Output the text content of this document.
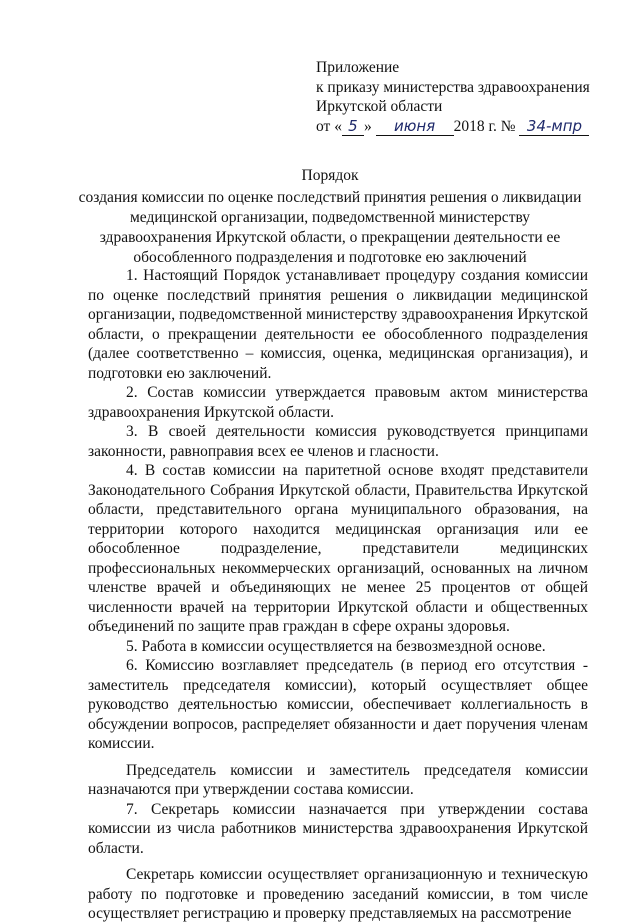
Приложение
к приказу министерства здравоохранения
Иркутской области
от « 5 » июня 2018 г. № 34-мпр
Порядок
создания комиссии по оценке последствий принятия решения о ликвидации
медицинской организации, подведомственной министерству
здравоохранения Иркутской области, о прекращении деятельности ее
обособленного подразделения и подготовке ею заключений

1. Настоящий Порядок устанавливает процедуру создания комиссии по оценке последствий принятия решения о ликвидации медицинской организации, подведомственной министерству здравоохранения Иркутской области, о прекращении деятельности ее обособленного подразделения (далее соответственно – комиссия, оценка, медицинская организация), и подготовки ею заключений.

2. Состав комиссии утверждается правовым актом министерства здравоохранения Иркутской области.

3. В своей деятельности комиссия руководствуется принципами законности, равноправия всех ее членов и гласности.

4. В состав комиссии на паритетной основе входят представители Законодательного Собрания Иркутской области, Правительства Иркутской области, представительного органа муниципального образования, на территории которого находится медицинская организация или ее обособленное подразделение, представители медицинских профессиональных некоммерческих организаций, основанных на личном членстве врачей и объединяющих не менее 25 процентов от общей численности врачей на территории Иркутской области и общественных объединений по защите прав граждан в сфере охраны здоровья.

5. Работа в комиссии осуществляется на безвозмездной основе.

6. Комиссию возглавляет председатель (в период его отсутствия - заместитель председателя комиссии), который осуществляет общее руководство деятельностью комиссии, обеспечивает коллегиальность в обсуждении вопросов, распределяет обязанности и дает поручения членам комиссии.

Председатель комиссии и заместитель председателя комиссии назначаются при утверждении состава комиссии.

7. Секретарь комиссии назначается при утверждении состава комиссии из числа работников министерства здравоохранения Иркутской области.

Секретарь комиссии осуществляет организационную и техническую работу по подготовке и проведению заседаний комиссии, в том числе осуществляет регистрацию и проверку представляемых на рассмотрение
